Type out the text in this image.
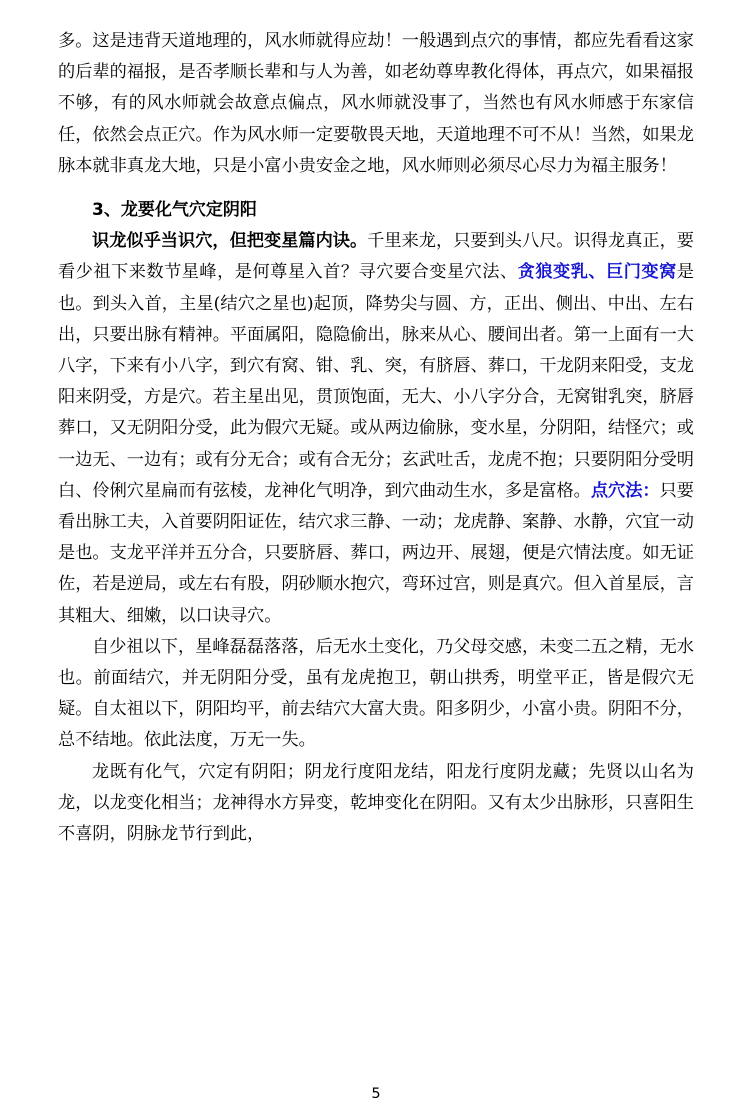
多。这是违背天道地理的，风水师就得应劫！一般遇到点穴的事情，都应先看看这家的后辈的福报，是否孝顺长辈和与人为善，如老幼尊卑教化得体，再点穴，如果福报不够，有的风水师就会故意点偏点，风水师就没事了，当然也有风水师感于东家信任，依然会点正穴。作为风水师一定要敬畏天地，天道地理不可不从！当然，如果龙脉本就非真龙大地，只是小富小贵安金之地，风水师则必须尽心尽力为福主服务！

3、龙要化气穴定阴阳

识龙似乎当识穴，但把变星篇内诀。千里来龙，只要到头八尺。识得龙真正，要看少祖下来数节星峰，是何尊星入首？寻穴要合变星穴法、贪狼变乳、巨门变窝是也。到头入首，主星(结穴之星也)起顶，降势尖与圆、方，正出、侧出、中出、左右出，只要出脉有精神。平面属阳，隐隐偷出，脉来从心、腰间出者。第一上面有一大八字，下来有小八字，到穴有窝、钳、乳、突，有脐唇、葬口，干龙阴来阳受，支龙阳来阴受，方是穴。若主星出见，贯顶饱面，无大、小八字分合，无窝钳乳突，脐唇葬口，又无阴阳分受，此为假穴无疑。或从两边偷脉，变水星，分阴阳，结怪穴；或一边无、一边有；或有分无合；或有合无分；玄武吐舌，龙虎不抱；只要阴阳分受明白、伶俐穴星扁而有弦棱，龙神化气明净，到穴曲动生水，多是富格。点穴法：只要看出脉工夫，入首要阴阳证佐，结穴求三静、一动；龙虎静、案静、水静，穴宜一动是也。支龙平洋并五分合，只要脐唇、葬口，两边开、展翅，便是穴情法度。如无证佐，若是逆局，或左右有股，阴砂顺水抱穴，弯环过宫，则是真穴。但入首星辰，言其粗大、细嫩，以口诀寻穴。

自少祖以下，星峰磊磊落落，后无水土变化，乃父母交感，未变二五之精，无水也。前面结穴，并无阴阳分受，虽有龙虎抱卫，朝山拱秀，明堂平正，皆是假穴无疑。自太祖以下，阴阳均平，前去结穴大富大贵。阳多阴少，小富小贵。阴阳不分，总不结地。依此法度，万无一失。

龙既有化气，穴定有阴阳；阴龙行度阳龙结，阳龙行度阴龙藏；先贤以山名为龙，以龙变化相当；龙神得水方异变，乾坤变化在阴阳。又有太少出脉形，只喜阳生不喜阴，阴脉龙节行到此，

5
